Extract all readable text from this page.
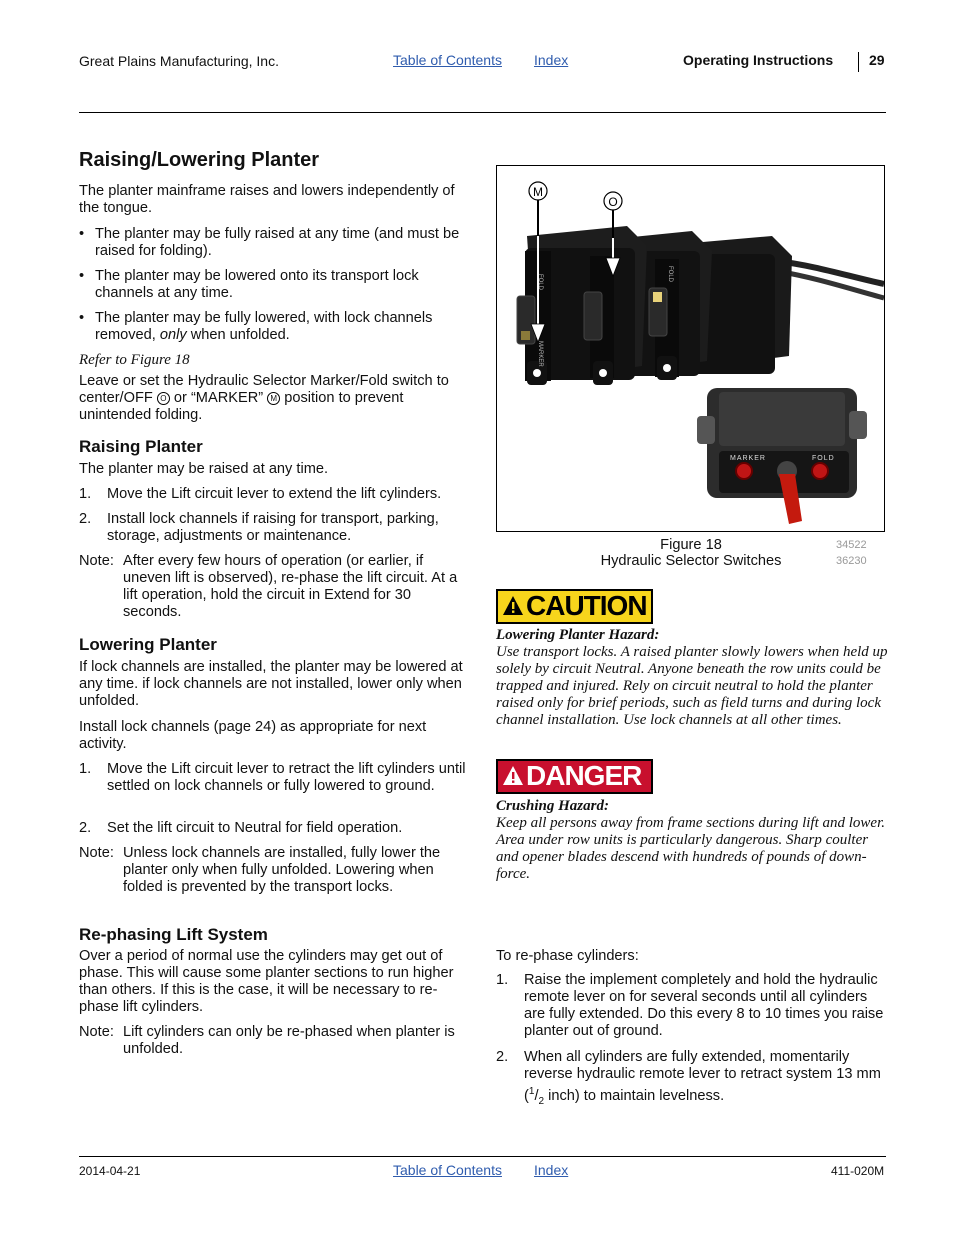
Great Plains Manufacturing, Inc.	Table of Contents Index	Operating Instructions	29
Raising/Lowering Planter
The planter mainframe raises and lowers independently of the tongue.
• The planter may be fully raised at any time (and must be raised for folding).
• The planter may be lowered onto its transport lock channels at any time.
• The planter may be fully lowered, with lock channels removed, only when unfolded.
Refer to Figure 18
Leave or set the Hydraulic Selector Marker/Fold switch to center/OFF O or “MARKER” M position to prevent unintended folding.
Raising Planter
The planter may be raised at any time.
1. Move the Lift circuit lever to extend the lift cylinders.
2. Install lock channels if raising for transport, parking, storage, adjustments or maintenance.
Note: After every few hours of operation (or earlier, if uneven lift is observed), re-phase the lift circuit. At a lift operation, hold the circuit in Extend for 30 seconds.
Lowering Planter
If lock channels are installed, the planter may be lowered at any time. if lock channels are not installed, lower only when unfolded.
Install lock channels (page 24) as appropriate for next activity.
1. Move the Lift circuit lever to retract the lift cylinders until settled on lock channels or fully lowered to ground.
2. Set the lift circuit to Neutral for field operation.
Note: Unless lock channels are installed, fully lower the planter only when fully unfolded. Lowering when folded is prevented by the transport locks.
FOLD
MARKER
FOLD
MARKER	FOLD
M
O
Figure 18
Hydraulic Selector Switches
34522
36230
CAUTION
Lowering Planter Hazard:
Use transport locks. A raised planter slowly lowers when held up solely by circuit Neutral. Anyone beneath the row units could be trapped and injured. Rely on circuit neutral to hold the planter raised only for brief periods, such as field turns and during lock channel installation. Use lock channels at all other times.
DANGER
Crushing Hazard:
Keep all persons away from frame sections during lift and lower. Area under row units is particularly dangerous. Sharp coulter and opener blades descend with hundreds of pounds of down-force.
Re-phasing Lift System
Over a period of normal use the cylinders may get out of phase. This will cause some planter sections to run higher than others. If this is the case, it will be necessary to re-phase lift cylinders.
Note: Lift cylinders can only be re-phased when planter is unfolded.
To re-phase cylinders:
1. Raise the implement completely and hold the hydraulic remote lever on for several seconds until all cylinders are fully extended. Do this every 8 to 10 times you raise planter out of ground.
2. When all cylinders are fully extended, momentarily reverse hydraulic remote lever to retract system 13 mm ($^1/_2$ inch) to maintain levelness.
2014-04-21	Table of Contents Index	411-020M
